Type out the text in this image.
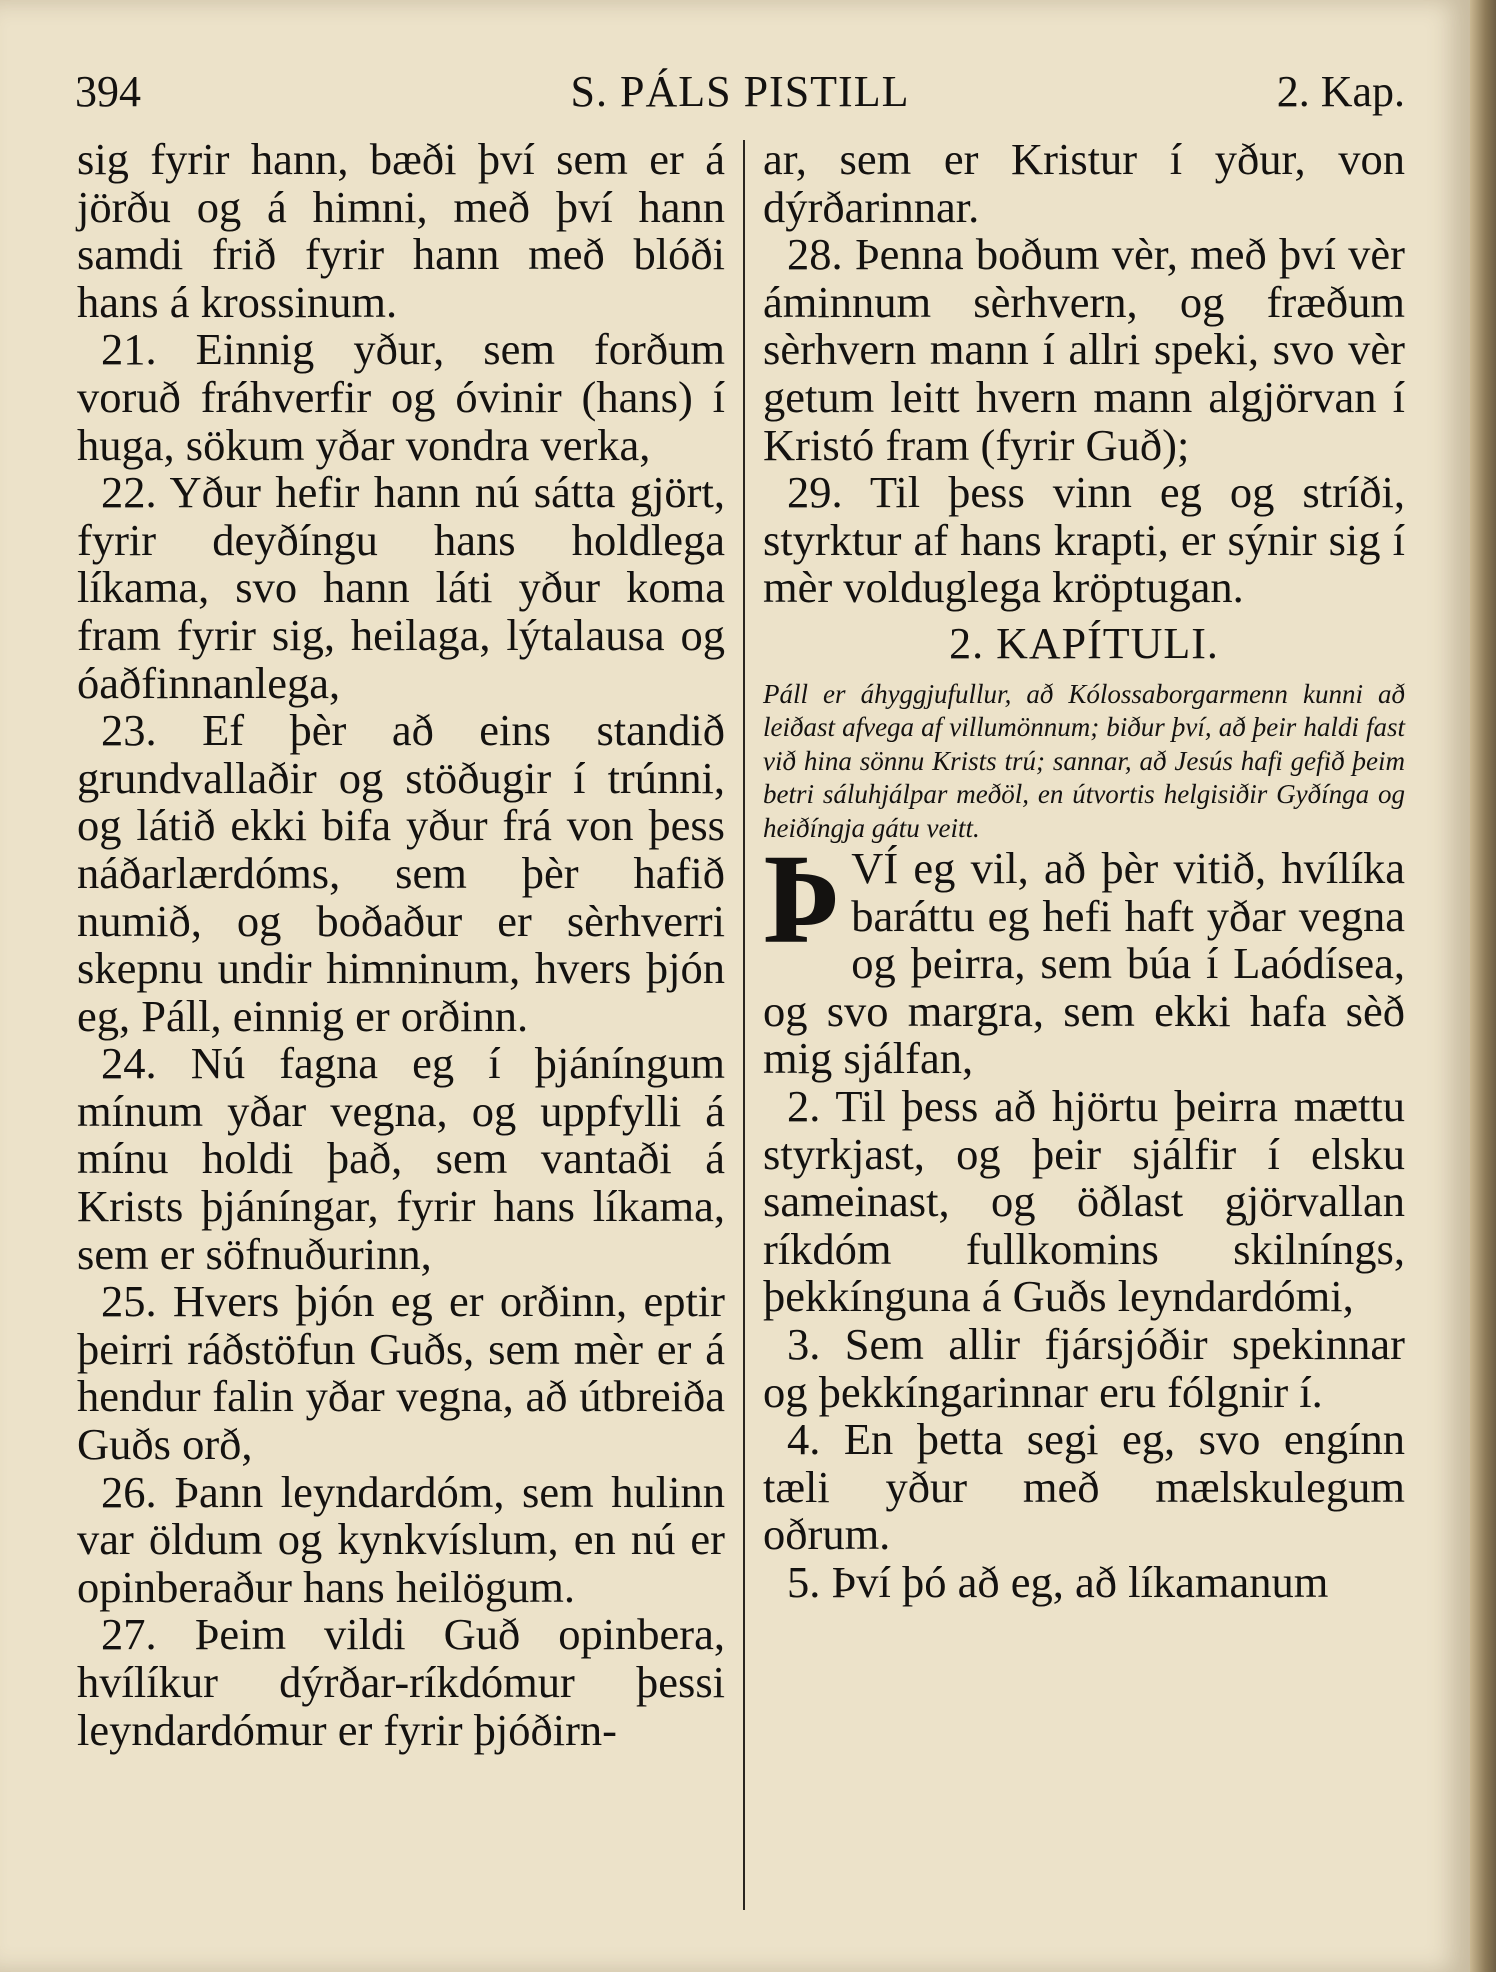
394	S. PÁLS PISTILL	2. Kap.

sig fyrir hann, bæði því sem er á jörðu og á himni, með því hann samdi frið fyrir hann með blóði hans á krossinum.

21. Einnig yður, sem forðum voruð fráhverfir og óvinir (hans) í huga, sökum yðar vondra verka,

22. Yður hefir hann nú sátta gjört, fyrir deyðíngu hans holdlega líkama, svo hann láti yður koma fram fyrir sig, heilaga, lýtalausa og óaðfinnanlega,

23. Ef þèr að eins standið grundvallaðir og stöðugir í trúnni, og látið ekki bifa yður frá von þess náðarlærdóms, sem þèr hafið numið, og boðaður er sèrhverri skepnu undir himninum, hvers þjón eg, Páll, einnig er orðinn.

24. Nú fagna eg í þjáníngum mínum yðar vegna, og uppfylli á mínu holdi það, sem vantaði á Krists þjáníngar, fyrir hans líkama, sem er söfnuðurinn,

25. Hvers þjón eg er orðinn, eptir þeirri ráðstöfun Guðs, sem mèr er á hendur falin yðar vegna, að útbreiða Guðs orð,

26. Þann leyndardóm, sem hulinn var öldum og kynkvíslum, en nú er opinberaður hans heilögum.

27. Þeim vildi Guð opinbera, hvílíkur dýrðar-ríkdómur þessi leyndardómur er fyrir þjóðirn-

ar, sem er Kristur í yður, von dýrðarinnar.

28. Þenna boðum vèr, með því vèr áminnum sèrhvern, og fræðum sèrhvern mann í allri speki, svo vèr getum leitt hvern mann algjörvan í Kristó fram (fyrir Guð);

29. Til þess vinn eg og stríði, styrktur af hans krapti, er sýnir sig í mèr volduglega kröptugan.

2. KAPÍTULI.

Páll er áhyggjufullur, að Kólossaborgarmenn kunni að leiðast afvega af villumönnum; biður því, að þeir haldi fast við hina sönnu Krists trú; sannar, að Jesús hafi gefið þeim betri sáluhjálpar meðöl, en útvortis helgisiðir Gyðínga og heiðíngja gátu veitt.

ÞVÍ eg vil, að þèr vitið, hvílíka baráttu eg hefi haft yðar vegna og þeirra, sem búa í Laódísea, og svo margra, sem ekki hafa sèð mig sjálfan,

2. Til þess að hjörtu þeirra mættu styrkjast, og þeir sjálfir í elsku sameinast, og öðlast gjörvallan ríkdóm fullkomins skilníngs, þekkínguna á Guðs leyndardómi,

3. Sem allir fjársjóðir spekinnar og þekkíngarinnar eru fólgnir í.

4. En þetta segi eg, svo engínn tæli yður með mælskulegum oðrum.

5. Því þó að eg, að líkamanum
